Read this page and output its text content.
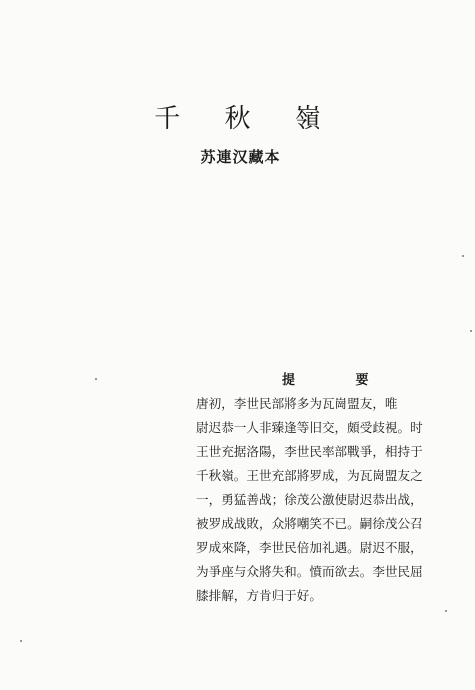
千 秋 嶺
苏連汉藏本
提 要
唐初，李世民部將多为瓦崗盟友，唯
尉迟恭一人非臻逢等旧交，頗受歧視。时
王世充据洛陽，李世民率部戰爭，相持于
千秋嶺。王世充部將罗成，为瓦崗盟友之
一，勇猛善战；徐茂公激使尉迟恭出战，
被罗成战敗，众將嘲笑不已。嗣徐茂公召
罗成來降，李世民倍加礼遇。尉迟不服，
为爭座与众將失和。憤而欲去。李世民屈
膝排解，方肯归于好。
